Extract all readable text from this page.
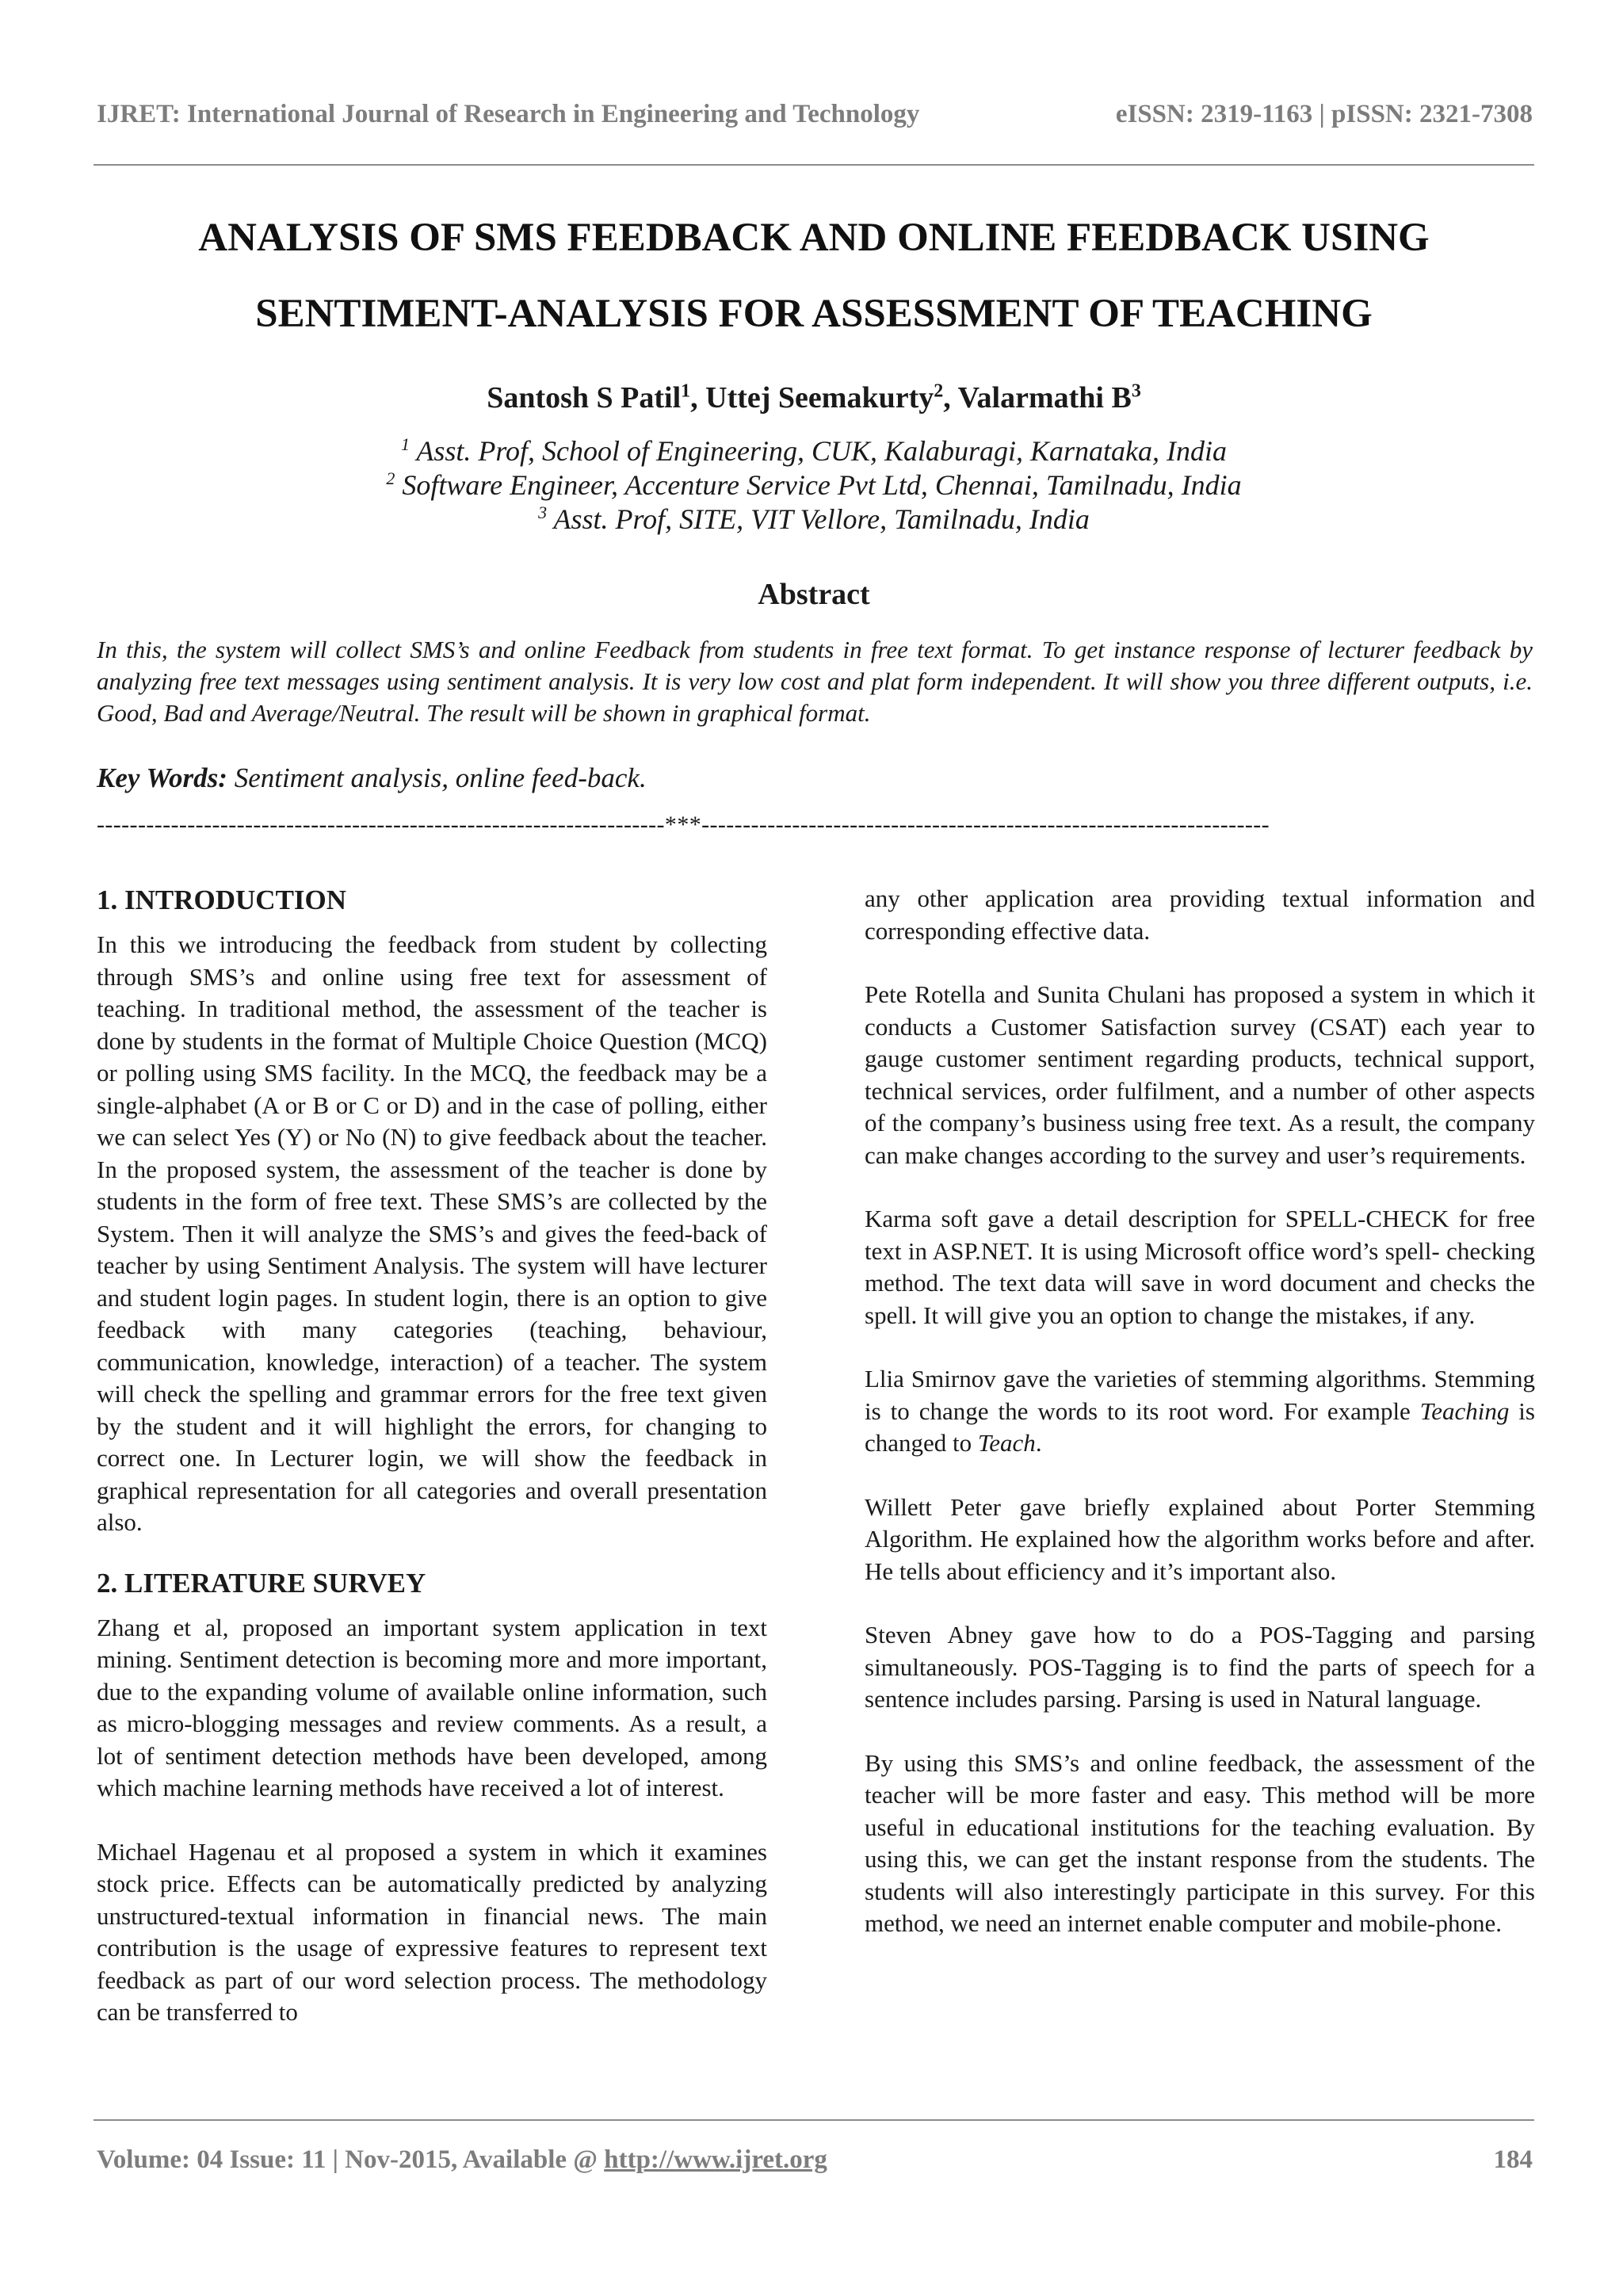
IJRET: International Journal of Research in Engineering and Technology	eISSN: 2319-1163 | pISSN: 2321-7308
ANALYSIS OF SMS FEEDBACK AND ONLINE FEEDBACK USING
SENTIMENT-ANALYSIS FOR ASSESSMENT OF TEACHING
Santosh S Patil$^1$, Uttej Seemakurty$^2$, Valarmathi $B^3$
$^1$ Asst. Prof, School of Engineering, CUK, Kalaburagi, Karnataka, India
$^2$ Software Engineer, Accenture Service Pvt Ltd, Chennai, Tamilnadu, India
$^3$ Asst. Prof, SITE, VIT Vellore, Tamilnadu, India
Abstract
In this, the system will collect SMS’s and online Feedback from students in free text format. To get instance response of lecturer feedback by analyzing free text messages using sentiment analysis. It is very low cost and plat form independent. It will show you three different outputs, i.e. Good, Bad and Average/Neutral. The result will be shown in graphical format.
Key Words: Sentiment analysis, online feed-back.
---------------------------------------------------------------------***---------------------------------------------------------------------
1. INTRODUCTION

In this we introducing the feedback from student by collecting through SMS’s and online using free text for assessment of teaching. In traditional method, the assessment of the teacher is done by students in the format of Multiple Choice Question (MCQ) or polling using SMS facility. In the MCQ, the feedback may be a single-alphabet (A or B or C or D) and in the case of polling, either we can select Yes (Y) or No (N) to give feedback about the teacher. In the proposed system, the assessment of the teacher is done by students in the form of free text. These SMS’s are collected by the System. Then it will analyze the SMS’s and gives the feed-back of teacher by using Sentiment Analysis. The system will have lecturer and student login pages. In student login, there is an option to give feedback with many categories (teaching, behaviour, communication, knowledge, interaction) of a teacher. The system will check the spelling and grammar errors for the free text given by the student and it will highlight the errors, for changing to correct one. In Lecturer login, we will show the feedback in graphical representation for all categories and overall presentation also.

2. LITERATURE SURVEY

Zhang et al, proposed an important system application in text mining. Sentiment detection is becoming more and more important, due to the expanding volume of available online information, such as micro-blogging messages and review comments. As a result, a lot of sentiment detection methods have been developed, among which machine learning methods have received a lot of interest.

Michael Hagenau et al proposed a system in which it examines stock price. Effects can be automatically predicted by analyzing unstructured-textual information in financial news. The main contribution is the usage of expressive features to represent text feedback as part of our word selection process. The methodology can be transferred to

any other application area providing textual information and corresponding effective data.

Pete Rotella and Sunita Chulani has proposed a system in which it conducts a Customer Satisfaction survey (CSAT) each year to gauge customer sentiment regarding products, technical support, technical services, order fulfilment, and a number of other aspects of the company’s business using free text. As a result, the company can make changes according to the survey and user’s requirements.

Karma soft gave a detail description for SPELL-CHECK for free text in ASP.NET. It is using Microsoft office word’s spell- checking method. The text data will save in word document and checks the spell. It will give you an option to change the mistakes, if any.

Llia Smirnov gave the varieties of stemming algorithms. Stemming is to change the words to its root word. For example Teaching is changed to Teach.

Willett Peter gave briefly explained about Porter Stemming Algorithm. He explained how the algorithm works before and after. He tells about efficiency and it’s important also.

Steven Abney gave how to do a POS-Tagging and parsing simultaneously. POS-Tagging is to find the parts of speech for a sentence includes parsing. Parsing is used in Natural language.

By using this SMS’s and online feedback, the assessment of the teacher will be more faster and easy. This method will be more useful in educational institutions for the teaching evaluation. By using this, we can get the instant response from the students. The students will also interestingly participate in this survey. For this method, we need an internet enable computer and mobile-phone.

Volume: 04 Issue: 11 | Nov-2015, Available @ http://www.ijret.org	184
